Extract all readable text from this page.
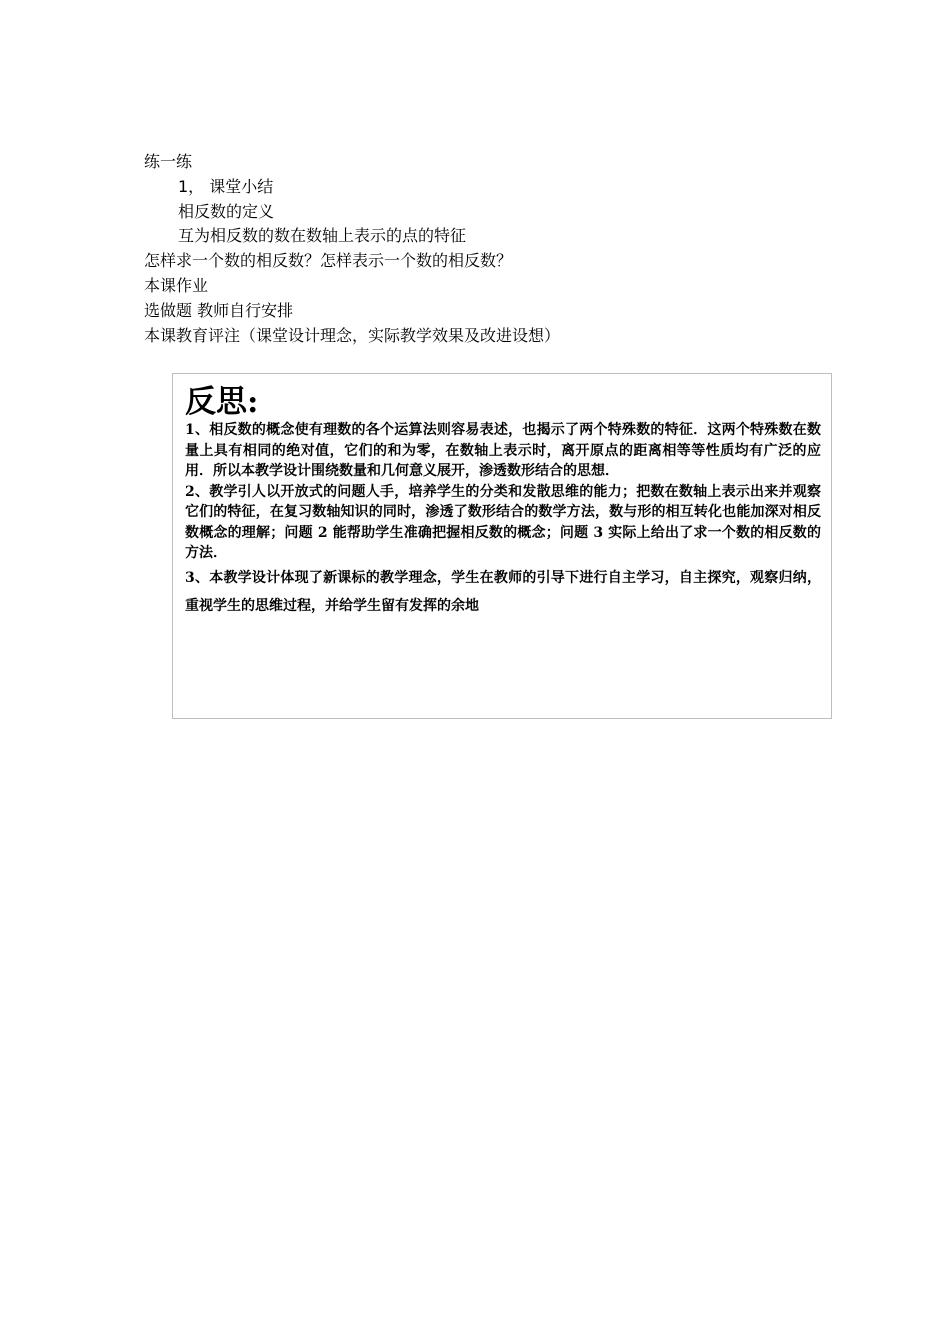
练一练
1， 课堂小结
相反数的定义
互为相反数的数在数轴上表示的点的特征
怎样求一个数的相反数？怎样表示一个数的相反数？
本课作业
选做题 教师自行安排
本课教育评注（课堂设计理念，实际教学效果及改进设想）
反思:

1、相反数的概念使有理数的各个运算法则容易表述，也揭示了两个特殊数的特征．这两个特殊数在数量上具有相同的绝对值，它们的和为零，在数轴上表示时，离开原点的距离相等等性质均有广泛的应用．所以本教学设计围绕数量和几何意义展开，渗透数形结合的思想．

2、教学引人以开放式的问题人手，培养学生的分类和发散思维的能力；把数在数轴上表示出来并观察它们的特征，在复习数轴知识的同时，渗透了数形结合的数学方法，数与形的相互转化也能加深对相反数概念的理解；问题 2 能帮助学生准确把握相反数的概念；问题 3 实际上给出了求一个数的相反数的方法．

3、本教学设计体现了新课标的教学理念，学生在教师的引导下进行自主学习，自主探究，观察归纳，重视学生的思维过程，并给学生留有发挥的余地
